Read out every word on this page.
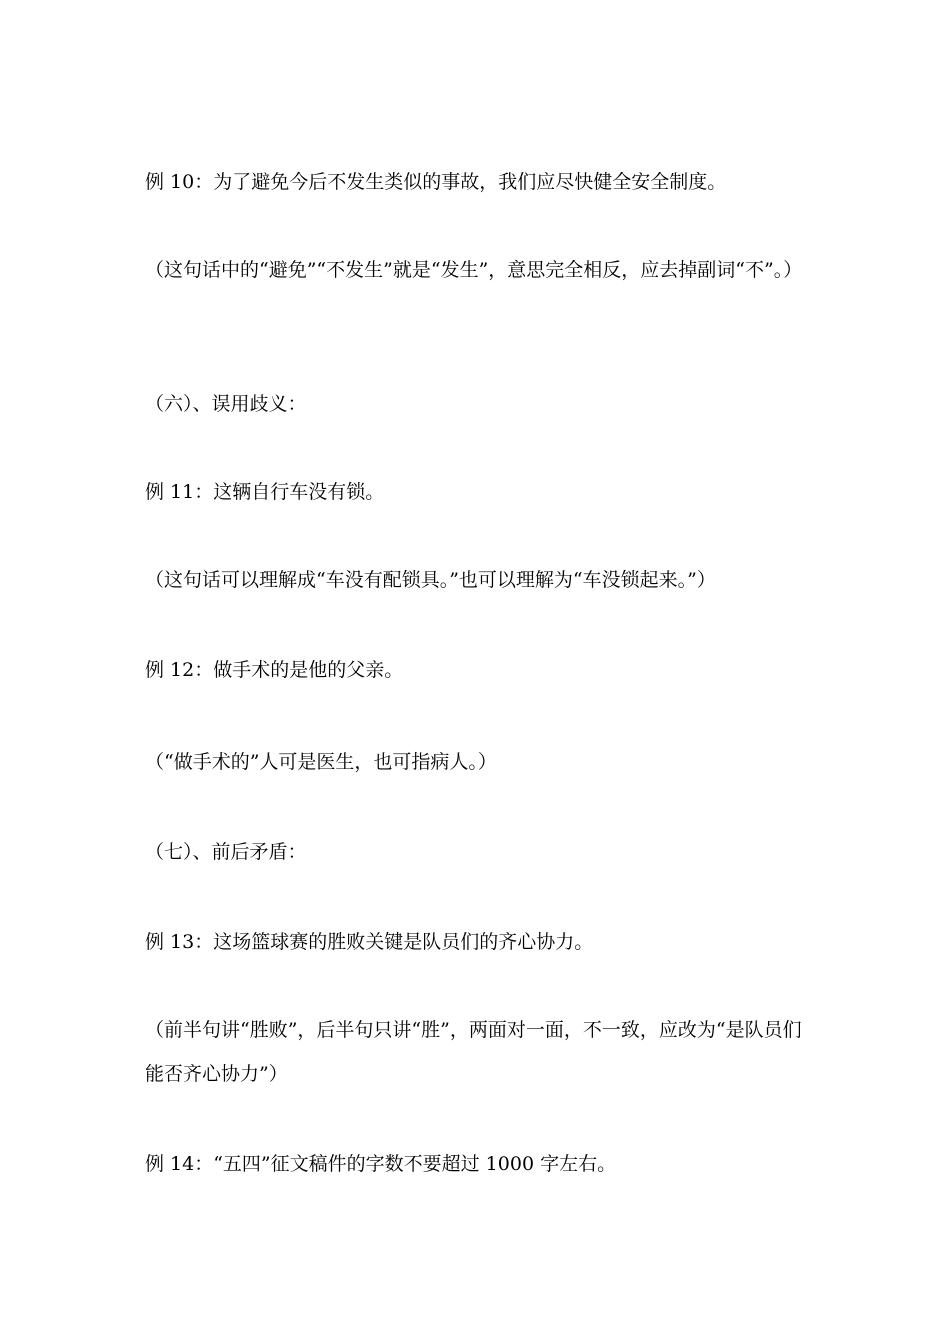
例 10：为了避免今后不发生类似的事故，我们应尽快健全安全制度。

（这句话中的“避免”“不发生”就是“发生”，意思完全相反，应去掉副词“不”。）

（六）、误用歧义：

例 11：这辆自行车没有锁。

（这句话可以理解成“车没有配锁具。”也可以理解为“车没锁起来。”）

例 12：做手术的是他的父亲。

（“做手术的”人可是医生，也可指病人。）

（七）、前后矛盾：

例 13：这场篮球赛的胜败关键是队员们的齐心协力。

（前半句讲“胜败”，后半句只讲“胜”，两面对一面，不一致，应改为“是队员们能否齐心协力”）

例 14：“五四”征文稿件的字数不要超过 1000 字左右。
